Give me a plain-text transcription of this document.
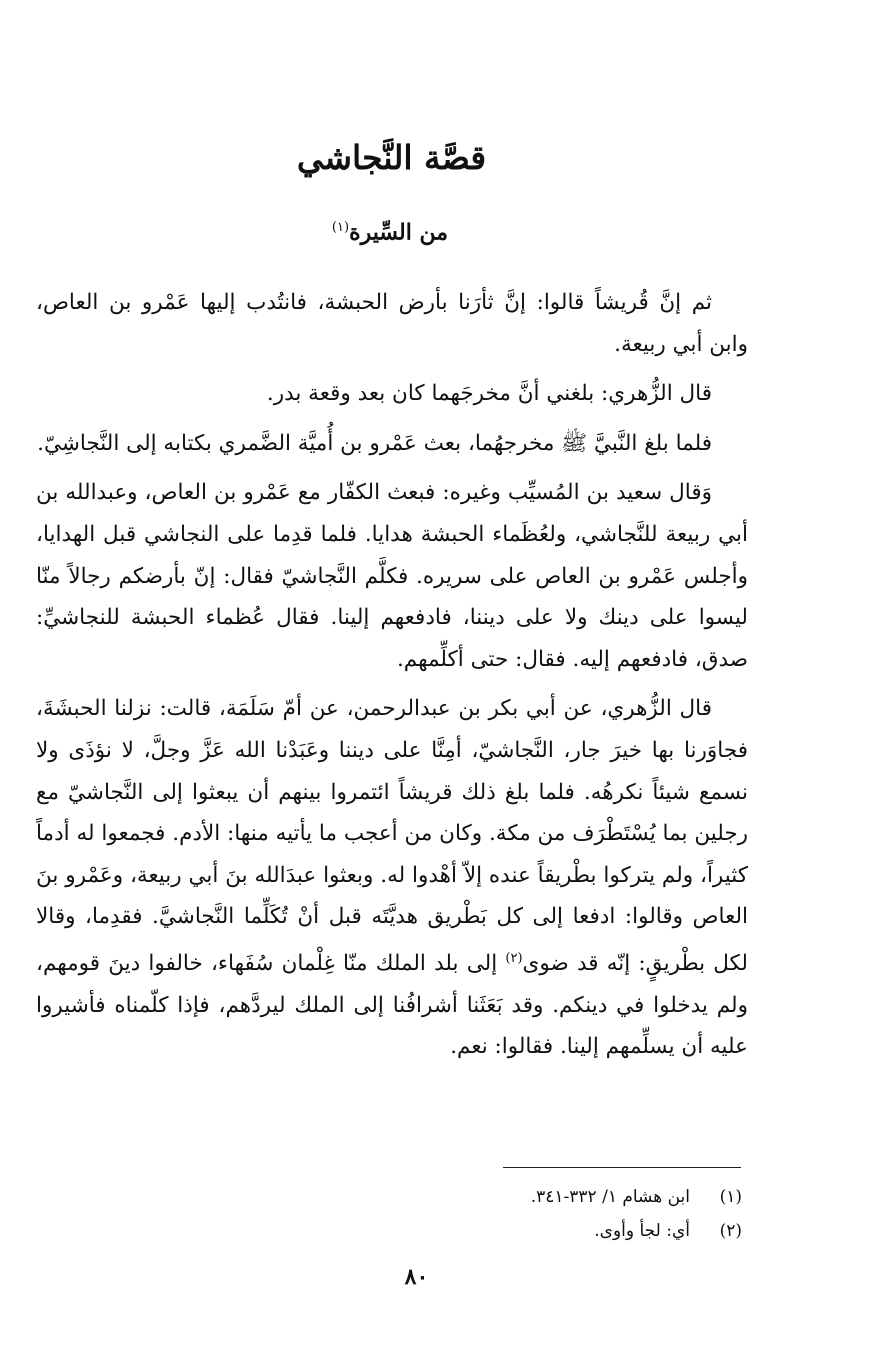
قصَّة النَّجاشي
من السِّيرة$^{(١)}$

ثم إنَّ قُريشاً قالوا: إنَّ ثأرَنا بأرض الحبشة، فانتُدب إليها عَمْرو بن العاص، وابن أبي ربيعة.

قال الزُّهري: بلغني أنَّ مخرجَهما كان بعد وقعة بدر.

فلما بلغ النَّبيَّ ﷺ مخرجهُما، بعث عَمْرو بن أُميَّة الضَّمري بكتابه إلى النَّجاشِيّ.

وَقال سعيد بن المُسيِّب وغيره: فبعث الكفّار مع عَمْرو بن العاص، وعبدالله بن أبي ربيعة للنَّجاشي، ولعُظَماء الحبشة هدايا. فلما قدِما على النجاشي قبل الهدايا، وأجلس عَمْرو بن العاص على سريره. فكلَّم النَّجاشيّ فقال: إنّ بأرضكم رجالاً منّا ليسوا على دينك ولا على ديننا، فادفعهم إلينا. فقال عُظماء الحبشة للنجاشيِّ: صدق، فادفعهم إليه. فقال: حتى أكلِّمهم.

قال الزُّهري، عن أبي بكر بن عبدالرحمن، عن أمّ سَلَمَة، قالت: نزلنا الحبشَةَ، فجاوَرنا بها خيرَ جار، النَّجاشيّ، أمِنَّا على ديننا وعَبَدْنا الله عَزَّ وجلَّ، لا نؤذَى ولا نسمع شيئاً نكرهُه. فلما بلغ ذلك قريشاً ائتمروا بينهم أن يبعثوا إلى النَّجاشيّ مع رجلين بما يُسْتَطْرَف من مكة. وكان من أعجب ما يأتيه منها: الأدم. فجمعوا له أدماً كثيراً، ولم يتركوا بطْريقاً عنده إلاّ أهْدوا له. وبعثوا عبدَالله بنَ أبي ربيعة، وعَمْرو بنَ العاص وقالوا: ادفعا إلى كل بَطْريق هديَّتَه قبل أنْ تُكَلِّما النَّجاشيَّ. فقدِما، وقالا لكل بطْريقٍ: إنّه قد ضوى$^{(٢)}$ إلى بلد الملك منّا غِلْمان سُفَهاء، خالفوا دينَ قومهم، ولم يدخلوا في دينكم. وقد بَعَثَنا أشرافُنا إلى الملك ليردَّهم، فإذا كلّمناه فأشيروا عليه أن يسلِّمهم إلينا. فقالوا: نعم.

(١)
ابن هشام ١/ ٣٣٢-٣٤١.
(٢)
أي: لجأ وأوى.
٨٠
